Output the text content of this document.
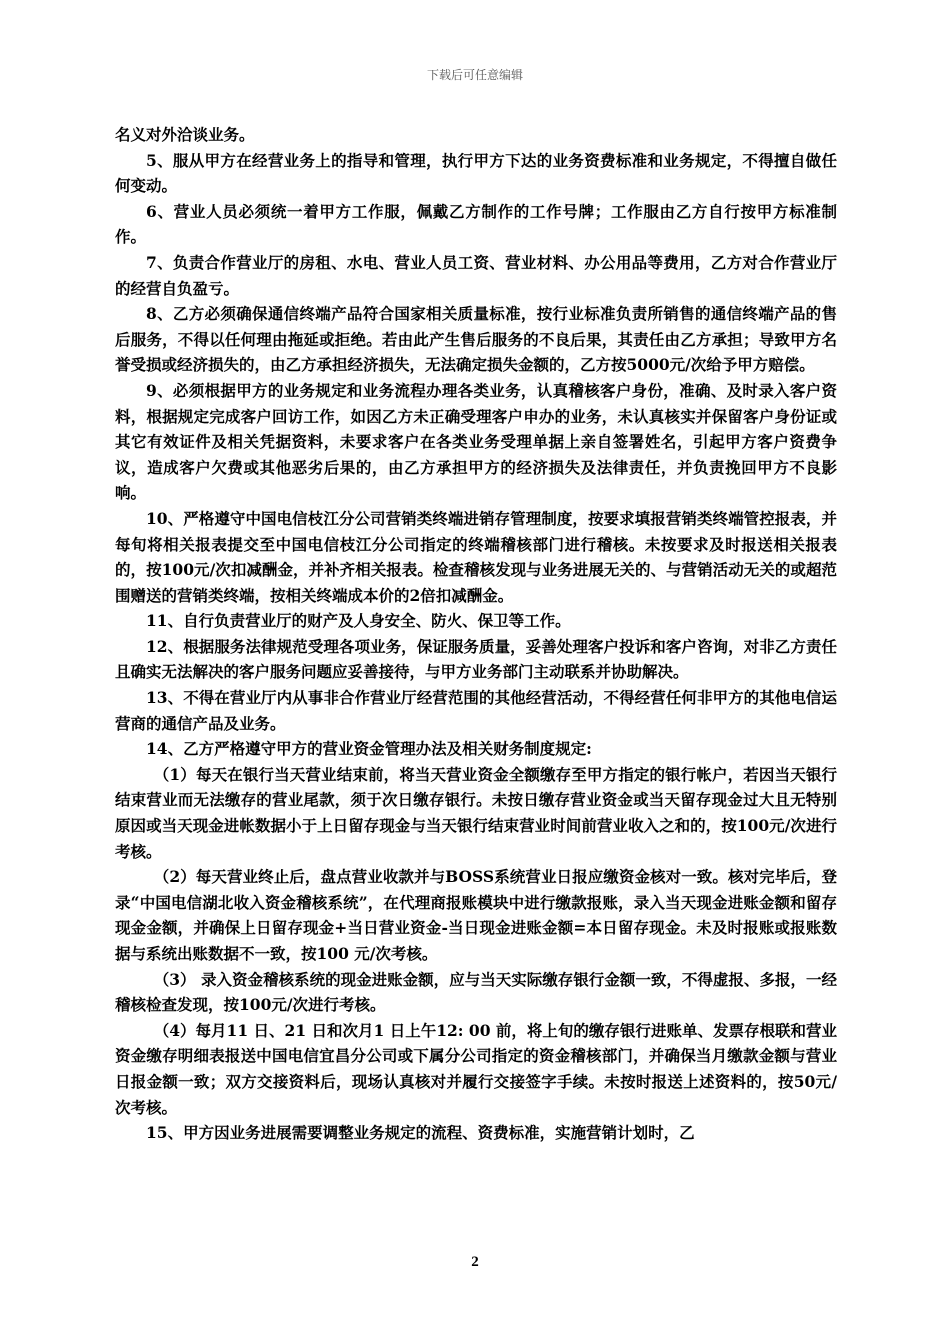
下载后可任意编辑

名义对外洽谈业务。

5、服从甲方在经营业务上的指导和管理，执行甲方下达的业务资费标准和业务规定，不得擅自做任何变动。

6、营业人员必须统一着甲方工作服，佩戴乙方制作的工作号牌；工作服由乙方自行按甲方标准制作。

7、负责合作营业厅的房租、水电、营业人员工资、营业材料、办公用品等费用，乙方对合作营业厅的经营自负盈亏。

8、乙方必须确保通信终端产品符合国家相关质量标准，按行业标准负责所销售的通信终端产品的售后服务，不得以任何理由拖延或拒绝。若由此产生售后服务的不良后果，其责任由乙方承担；导致甲方名誉受损或经济损失的，由乙方承担经济损失，无法确定损失金额的，乙方按5000元/次给予甲方赔偿。

9、必须根据甲方的业务规定和业务流程办理各类业务，认真稽核客户身份，准确、及时录入客户资料，根据规定完成客户回访工作，如因乙方未正确受理客户申办的业务，未认真核实并保留客户身份证或其它有效证件及相关凭据资料，未要求客户在各类业务受理单据上亲自签署姓名，引起甲方客户资费争议，造成客户欠费或其他恶劣后果的，由乙方承担甲方的经济损失及法律责任，并负责挽回甲方不良影响。

10、严格遵守中国电信枝江分公司营销类终端进销存管理制度，按要求填报营销类终端管控报表，并每旬将相关报表提交至中国电信枝江分公司指定的终端稽核部门进行稽核。未按要求及时报送相关报表的，按100元/次扣减酬金，并补齐相关报表。检查稽核发现与业务进展无关的、与营销活动无关的或超范围赠送的营销类终端，按相关终端成本价的2倍扣减酬金。

11、自行负责营业厅的财产及人身安全、防火、保卫等工作。

12、根据服务法律规范受理各项业务，保证服务质量，妥善处理客户投诉和客户咨询，对非乙方责任且确实无法解决的客户服务问题应妥善接待，与甲方业务部门主动联系并协助解决。

13、不得在营业厅内从事非合作营业厅经营范围的其他经营活动，不得经营任何非甲方的其他电信运营商的通信产品及业务。

14、乙方严格遵守甲方的营业资金管理办法及相关财务制度规定:

（1）每天在银行当天营业结束前，将当天营业资金全额缴存至甲方指定的银行帐户，若因当天银行结束营业而无法缴存的营业尾款，须于次日缴存银行。未按日缴存营业资金或当天留存现金过大且无特别原因或当天现金进帐数据小于上日留存现金与当天银行结束营业时间前营业收入之和的，按100元/次进行考核。

（2）每天营业终止后，盘点营业收款并与BOSS系统营业日报应缴资金核对一致。核对完毕后，登录“中国电信湖北收入资金稽核系统”，在代理商报账模块中进行缴款报账，录入当天现金进账金额和留存现金金额，并确保上日留存现金+当日营业资金-当日现金进账金额=本日留存现金。未及时报账或报账数据与系统出账数据不一致，按100 元/次考核。

（3） 录入资金稽核系统的现金进账金额，应与当天实际缴存银行金额一致，不得虚报、多报，一经稽核检查发现，按100元/次进行考核。

（4）每月11 日、21 日和次月1 日上午12: 00 前，将上旬的缴存银行进账单、发票存根联和营业资金缴存明细表报送中国电信宜昌分公司或下属分公司指定的资金稽核部门，并确保当月缴款金额与营业日报金额一致；双方交接资料后，现场认真核对并履行交接签字手续。未按时报送上述资料的，按50元/次考核。

15、甲方因业务进展需要调整业务规定的流程、资费标准，实施营销计划时，乙

2
